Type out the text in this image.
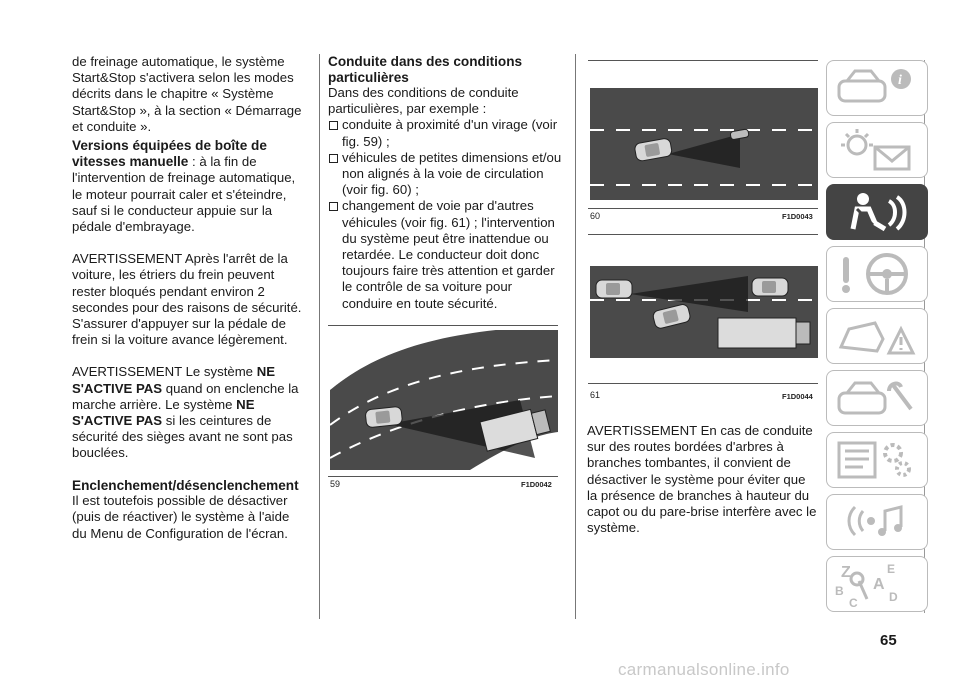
de freinage automatique, le système Start&Stop s'activera selon les modes décrits dans le chapitre « Système Start&Stop », à la section « Démarrage et conduite ».

Versions équipées de boîte de vitesses manuelle : à la fin de l'intervention de freinage automatique, le moteur pourrait caler et s'éteindre, sauf si le conducteur appuie sur la pédale d'embrayage.

AVERTISSEMENT Après l'arrêt de la voiture, les étriers du frein peuvent rester bloqués pendant environ 2 secondes pour des raisons de sécurité. S'assurer d'appuyer sur la pédale de frein si la voiture avance légèrement.

AVERTISSEMENT Le système NE S'ACTIVE PAS quand on enclenche la marche arrière. Le système NE S'ACTIVE PAS si les ceintures de sécurité des sièges avant ne sont pas bouclées.

Enclenchement/désenclenchement

Il est toutefois possible de désactiver (puis de réactiver) le système à l'aide du Menu de Configuration de l'écran.

Conduite dans des conditions particulières

Dans des conditions de conduite particulières, par exemple :

conduite à proximité d'un virage (voir fig. 59) ;
véhicules de petites dimensions et/ou non alignés à la voie de circulation (voir fig. 60) ;
changement de voie par d'autres véhicules (voir fig. 61) ; l'intervention du système peut être inattendue ou retardée. Le conducteur doit donc toujours faire très attention et garder le contrôle de sa voiture pour conduire en toute sécurité.
59	F1D0042
60	F1D0043
61	F1D0044

AVERTISSEMENT En cas de conduite sur des routes bordées d'arbres à branches tombantes, il convient de désactiver le système pour éviter que la présence de branches à hauteur du capot ou du pare-brise interfère avec le système.

i
Z	E
A
B
C	D
65
carmanualsonline.info
